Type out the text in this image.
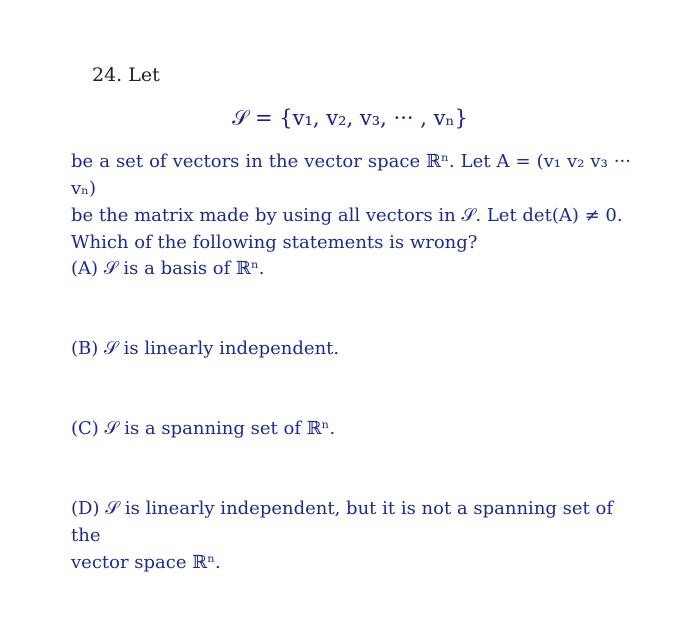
24. Let
𝒮 = {v₁, v₂, v₃, ··· , vₙ}
be a set of vectors in the vector space ℝⁿ. Let A = (v₁ v₂ v₃ ··· vₙ)
be the matrix made by using all vectors in 𝒮. Let det(A) ≠ 0.
Which of the following statements is wrong?
(A) 𝒮 is a basis of ℝⁿ.
(B) 𝒮 is linearly independent.
(C) 𝒮 is a spanning set of ℝⁿ.
(D) 𝒮 is linearly independent, but it is not a spanning set of the
vector space ℝⁿ.
